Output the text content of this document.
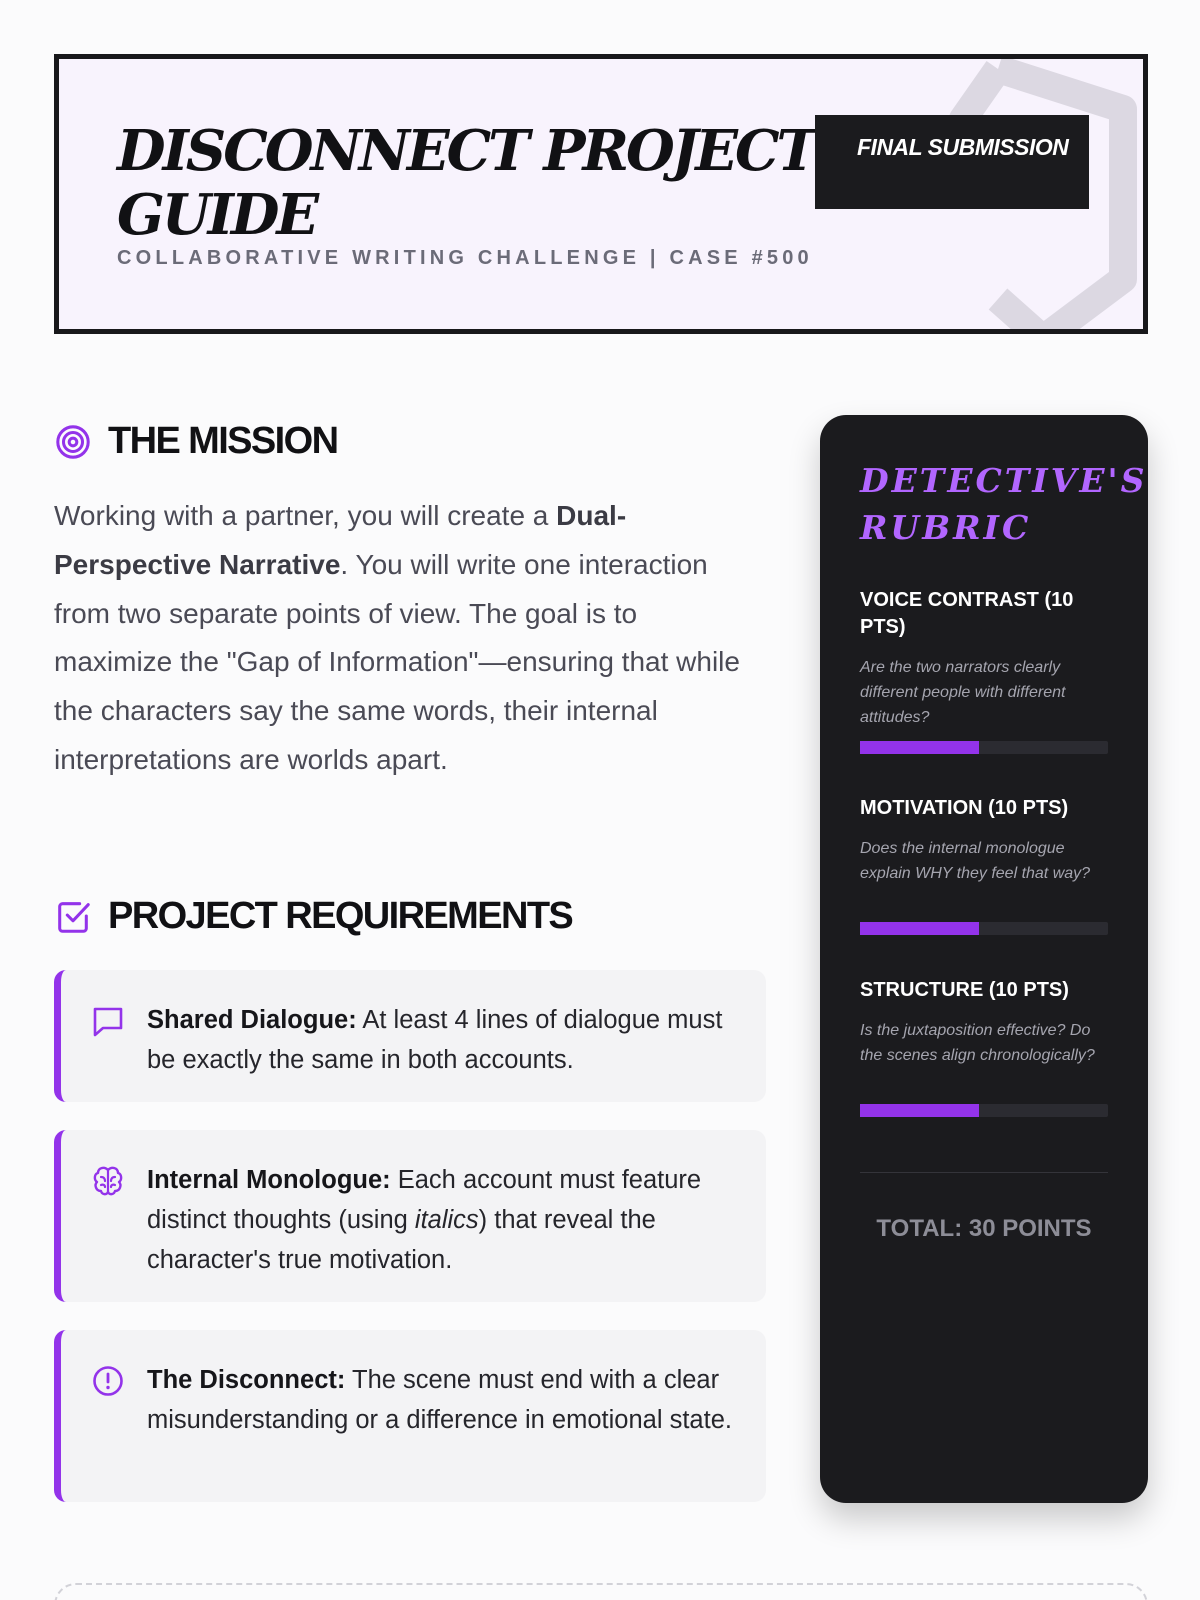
DISCONNECT PROJECT GUIDE
COLLABORATIVE WRITING CHALLENGE | CASE #500
FINAL SUBMISSION
THE MISSION

Working with a partner, you will create a Dual-Perspective Narrative. You will write one interaction from two separate points of view. The goal is to maximize the "Gap of Information"—ensuring that while the characters say the same words, their internal interpretations are worlds apart.

PROJECT REQUIREMENTS
Shared Dialogue: At least 4 lines of dialogue must be exactly the same in both accounts.
Internal Monologue: Each account must feature distinct thoughts (using italics) that reveal the character's true motivation.
The Disconnect: The scene must end with a clear misunderstanding or a difference in emotional state.
DETECTIVE'S RUBRIC
VOICE CONTRAST (10 PTS)
Are the two narrators clearly different people with different attitudes?
MOTIVATION (10 PTS)
Does the internal monologue explain WHY they feel that way?
STRUCTURE (10 PTS)
Is the juxtaposition effective? Do the scenes align chronologically?
TOTAL: 30 POINTS
